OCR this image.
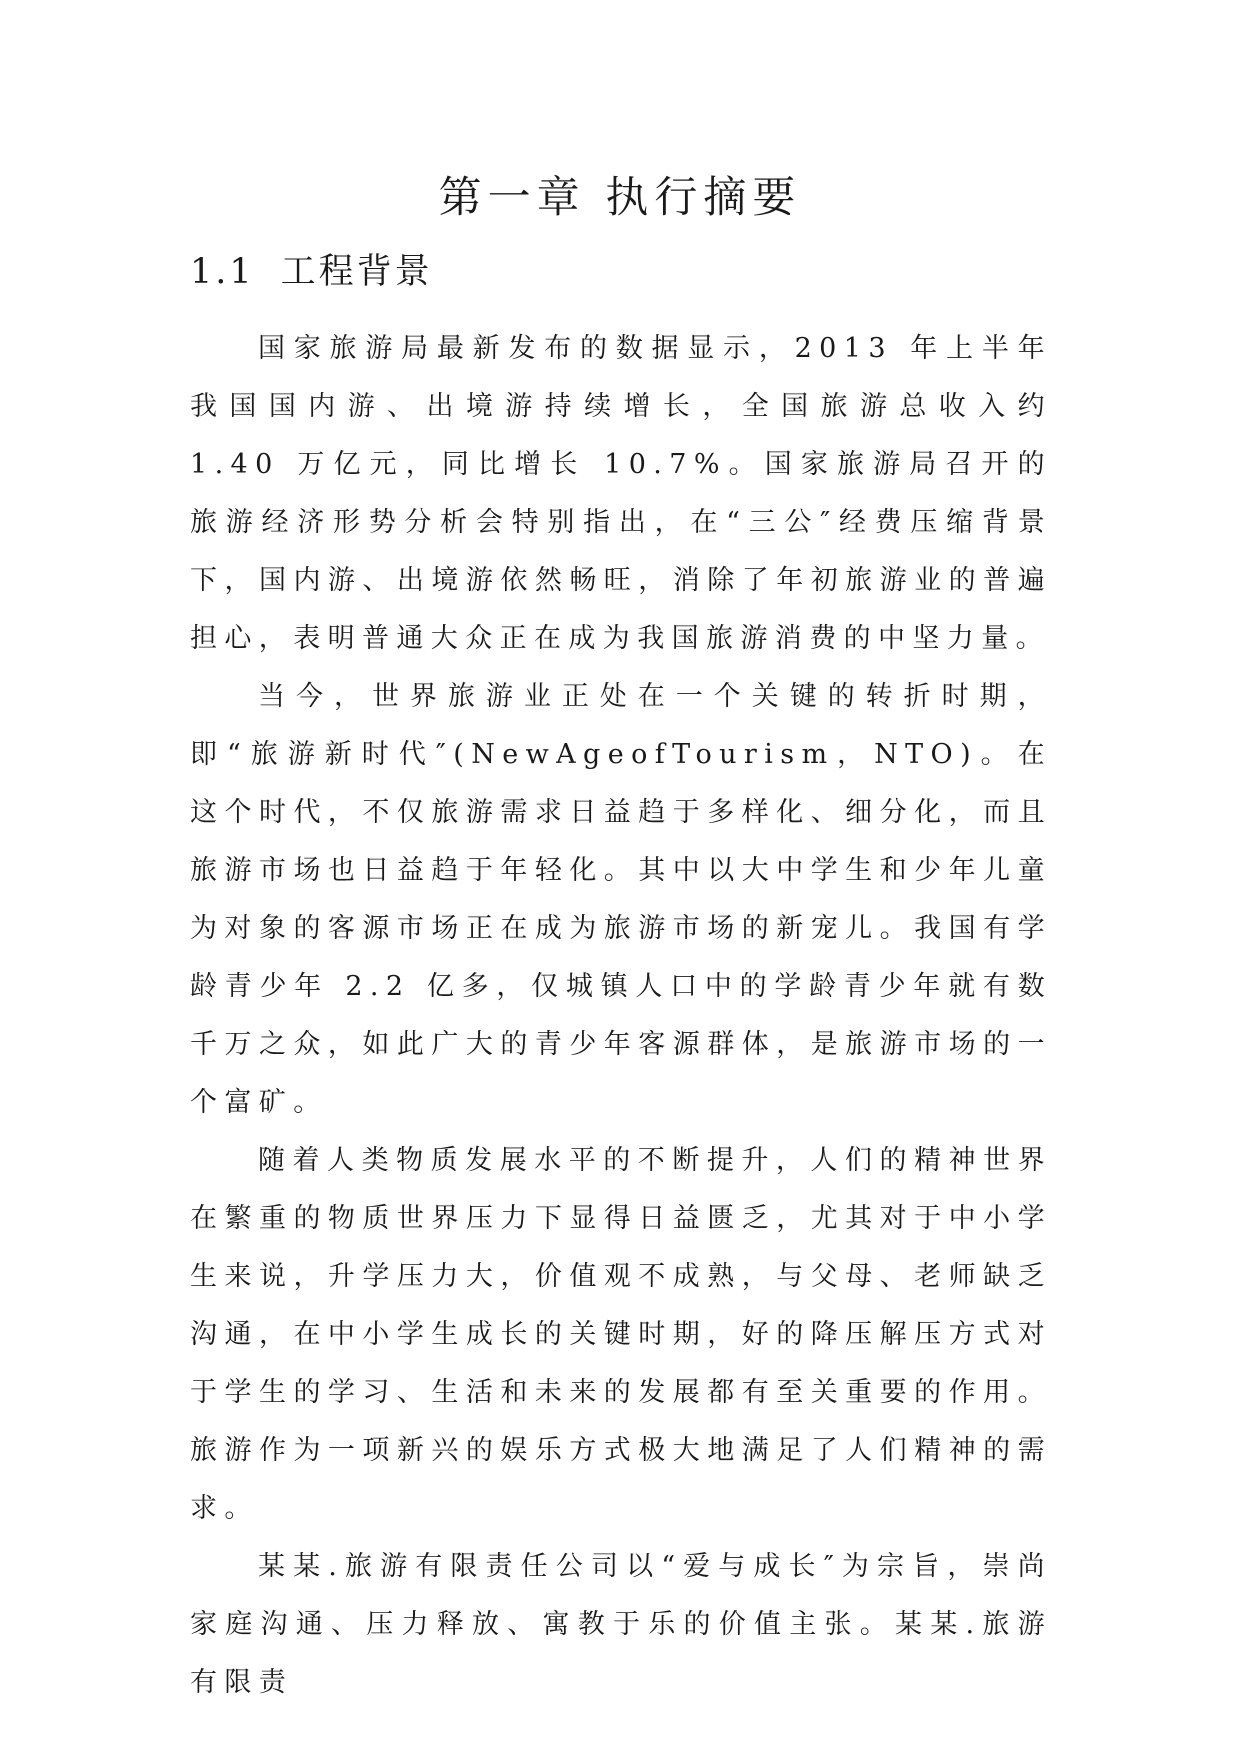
第一章 执行摘要
1.1 工程背景

国家旅游局最新发布的数据显示，2013 年上半年我国国内游、出境游持续增长，全国旅游总收入约 1.40 万亿元，同比增长 10.7%。国家旅游局召开的旅游经济形势分析会特别指出，在“三公″经费压缩背景下，国内游、出境游依然畅旺，消除了年初旅游业的普遍担心，表明普通大众正在成为我国旅游消费的中坚力量。

当今，世界旅游业正处在一个关键的转折时期，即“旅游新时代″(NewAgeofTourism，NTO)。在这个时代，不仅旅游需求日益趋于多样化、细分化，而且旅游市场也日益趋于年轻化。其中以大中学生和少年儿童为对象的客源市场正在成为旅游市场的新宠儿。我国有学龄青少年 2.2 亿多，仅城镇人口中的学龄青少年就有数千万之众，如此广大的青少年客源群体，是旅游市场的一个富矿。

随着人类物质发展水平的不断提升，人们的精神世界在繁重的物质世界压力下显得日益匮乏，尤其对于中小学生来说，升学压力大，价值观不成熟，与父母、老师缺乏沟通，在中小学生成长的关键时期，好的降压解压方式对于学生的学习、生活和未来的发展都有至关重要的作用。旅游作为一项新兴的娱乐方式极大地满足了人们精神的需求。

某某.旅游有限责任公司以“爱与成长″为宗旨，崇尚家庭沟通、压力释放、寓教于乐的价值主张。某某.旅游有限责
